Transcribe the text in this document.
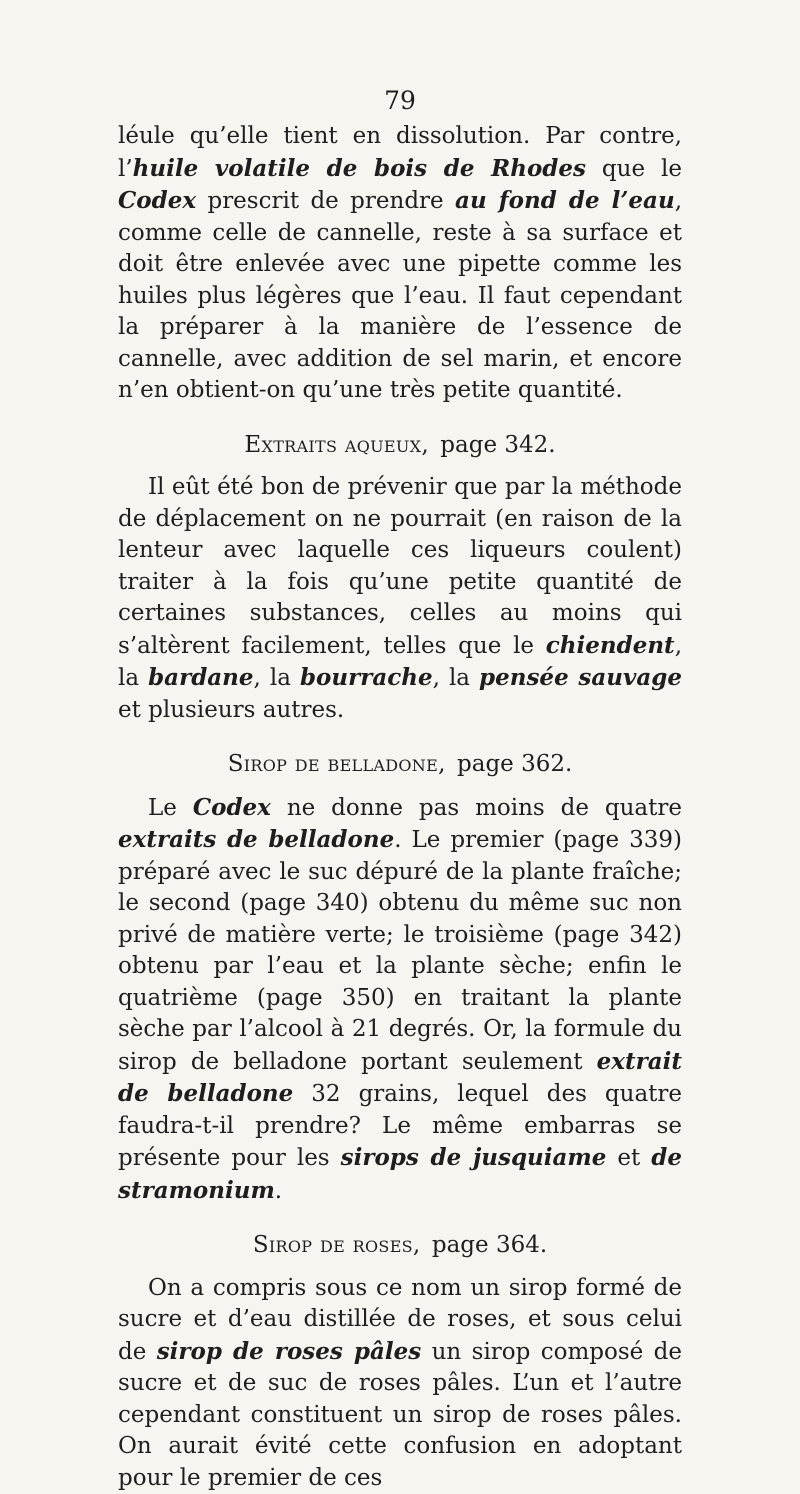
79

léule qu’elle tient en dissolution. Par contre, l’huile volatile de bois de Rhodes que le Codex prescrit de prendre au fond de l’eau, comme celle de cannelle, reste à sa surface et doit être enlevée avec une pipette comme les huiles plus légères que l’eau. Il faut cependant la préparer à la manière de l’essence de cannelle, avec addition de sel marin, et encore n’en obtient-on qu’une très petite quantité.

Extraits aqueux, page 342.

Il eût été bon de prévenir que par la méthode de déplacement on ne pourrait (en raison de la lenteur avec laquelle ces liqueurs coulent) traiter à la fois qu’une petite quantité de certaines substances, celles au moins qui s’altèrent facilement, telles que le chiendent, la bardane, la bourrache, la pensée sauvage et plusieurs autres.

Sirop de belladone, page 362.

Le Codex ne donne pas moins de quatre extraits de belladone. Le premier (page 339) préparé avec le suc dépuré de la plante fraîche; le second (page 340) obtenu du même suc non privé de matière verte; le troisième (page 342) obtenu par l’eau et la plante sèche; enfin le quatrième (page 350) en traitant la plante sèche par l’alcool à 21 degrés. Or, la formule du sirop de belladone portant seulement extrait de belladone 32 grains, lequel des quatre faudra-t-il prendre? Le même embarras se présente pour les sirops de jusquiame et de stramonium.

Sirop de roses, page 364.

On a compris sous ce nom un sirop formé de sucre et d’eau distillée de roses, et sous celui de sirop de roses pâles un sirop composé de sucre et de suc de roses pâles. L’un et l’autre cependant constituent un sirop de roses pâles. On aurait évité cette confusion en adoptant pour le premier de ces
